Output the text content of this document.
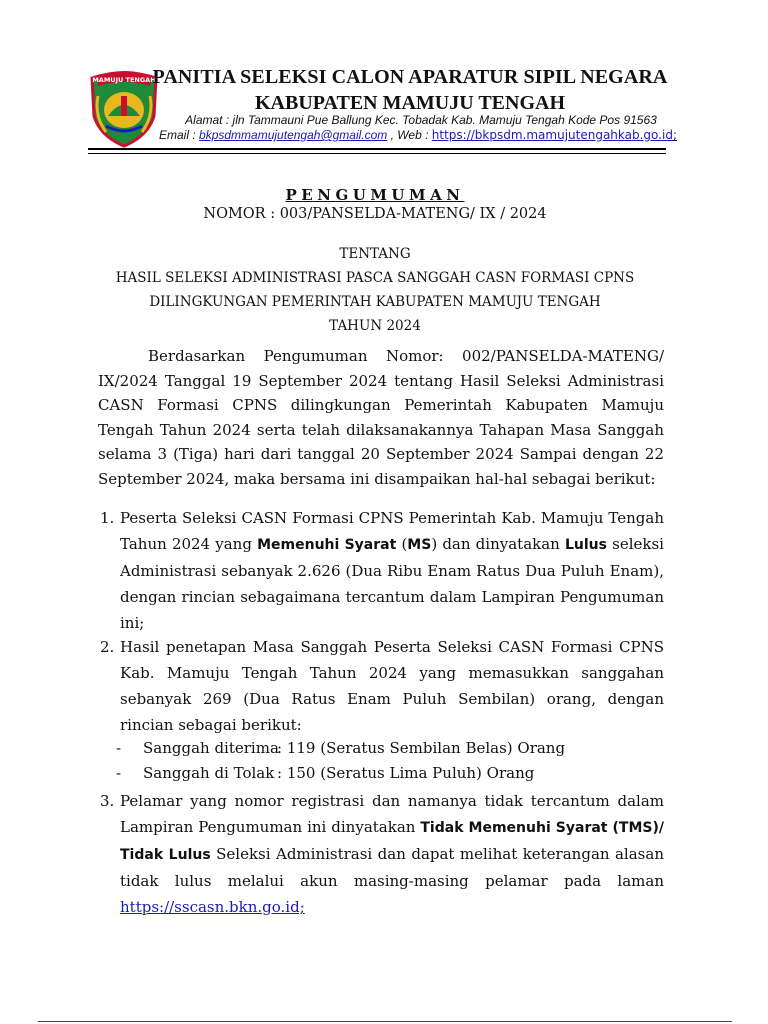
MAMUJU TENGAH
PANITIA SELEKSI CALON APARATUR SIPIL NEGARA
KABUPATEN MAMUJU TENGAH
Alamat : jln Tammauni Pue Ballung Kec. Tobadak Kab. Mamuju Tengah Kode Pos 91563
Email : bkpsdmmamujutengah@gmail.com , Web : https://bkpsdm.mamujutengahkab.go.id;
PENGUMUMAN
NOMOR : 003/PANSELDA-MATENG/ IX / 2024
TENTANG
HASIL SELEKSI ADMINISTRASI PASCA SANGGAH CASN FORMASI CPNS
DILINGKUNGAN PEMERINTAH KABUPATEN MAMUJU TENGAH
TAHUN 2024

Berdasarkan Pengumuman Nomor: 002/PANSELDA-MATENG/ IX/2024 Tanggal 19 September 2024 tentang Hasil Seleksi Administrasi CASN Formasi CPNS dilingkungan Pemerintah Kabupaten Mamuju Tengah Tahun 2024 serta telah dilaksanakannya Tahapan Masa Sanggah selama 3 (Tiga) hari dari tanggal 20 September 2024 Sampai dengan 22 September 2024, maka bersama ini disampaikan hal-hal sebagai berikut:

1. Peserta Seleksi CASN Formasi CPNS Pemerintah Kab. Mamuju Tengah Tahun 2024 yang Memenuhi Syarat (MS) dan dinyatakan Lulus seleksi Administrasi sebanyak 2.626 (Dua Ribu Enam Ratus Dua Puluh Enam), dengan rincian sebagaimana tercantum dalam Lampiran Pengumuman ini;
2. Hasil penetapan Masa Sanggah Peserta Seleksi CASN Formasi CPNS Kab. Mamuju Tengah Tahun 2024 yang memasukkan sanggahan sebanyak 269 (Dua Ratus Enam Puluh Sembilan) orang, dengan rincian sebagai berikut:
- Sanggah diterima: 119 (Seratus Sembilan Belas) Orang
- Sanggah di Tolak : 150 (Seratus Lima Puluh) Orang
3. Pelamar yang nomor registrasi dan namanya tidak tercantum dalam Lampiran Pengumuman ini dinyatakan Tidak Memenuhi Syarat (TMS)/ Tidak Lulus Seleksi Administrasi dan dapat melihat keterangan alasan tidak lulus melalui akun masing-masing pelamar pada laman https://sscasn.bkn.go.id;
